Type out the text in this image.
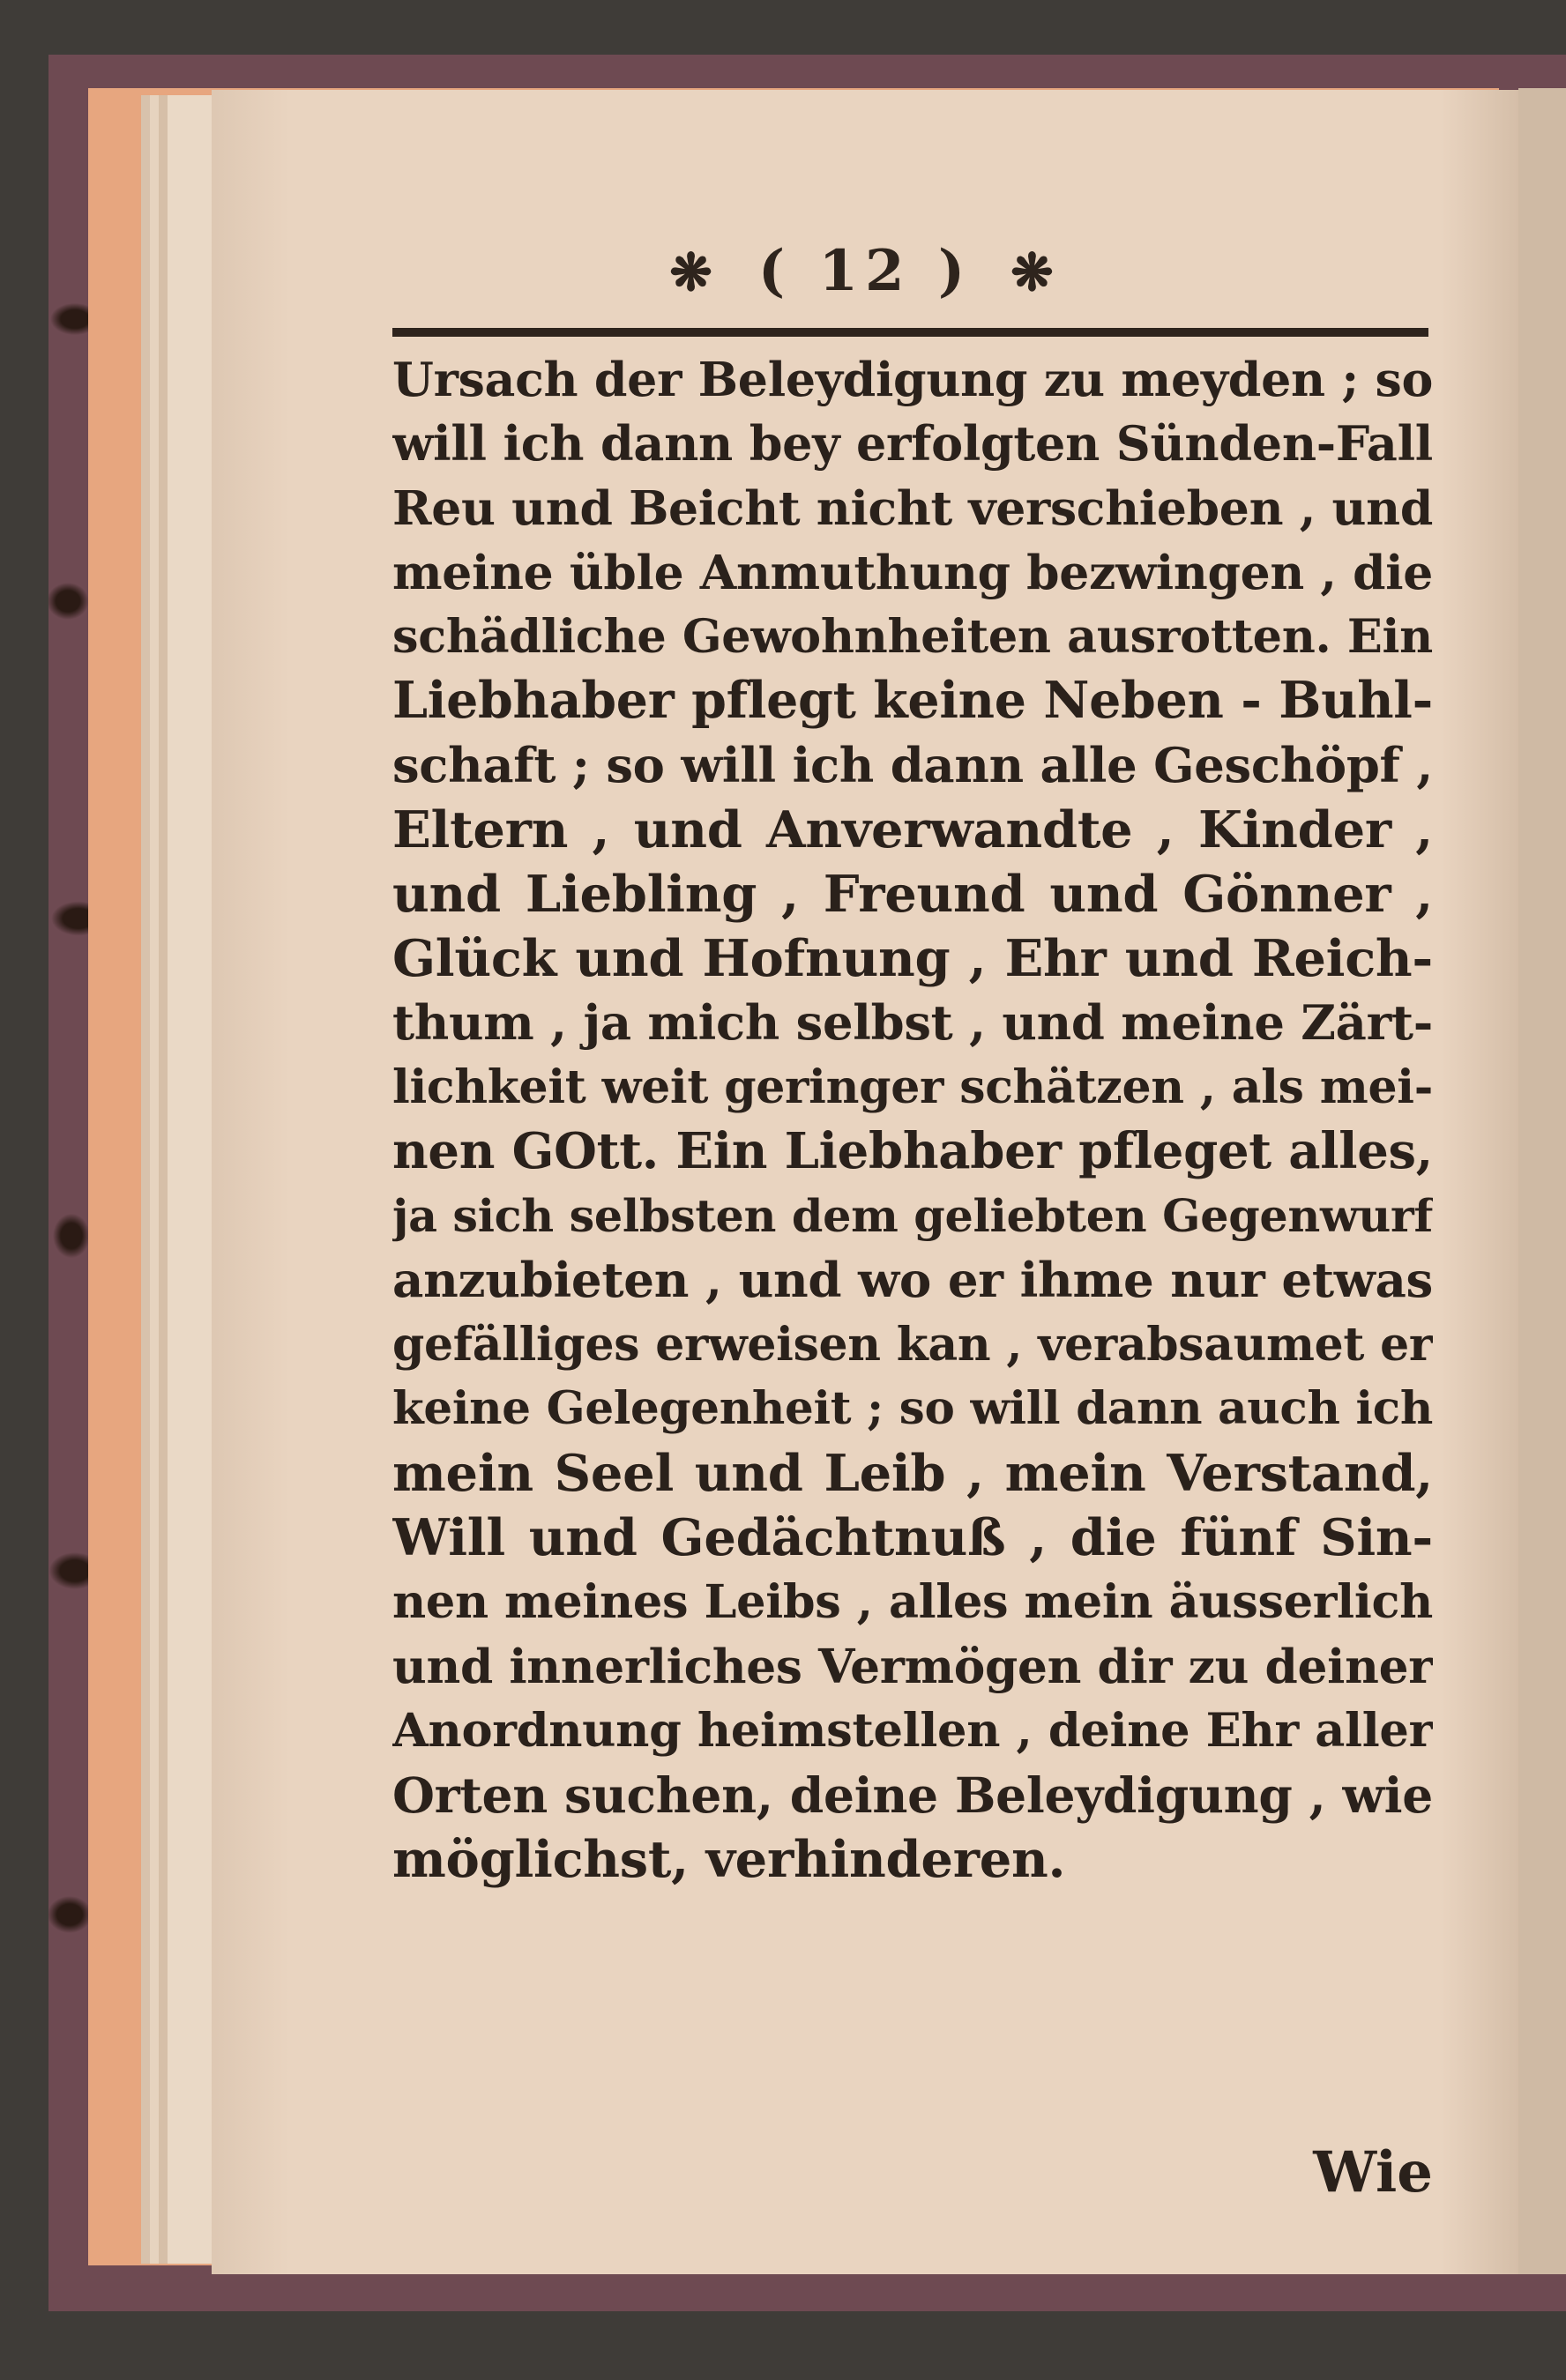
❋ ( 12 ) ❋
Ursach der Beleydigung zu meyden ; so
will ich dann bey erfolgten Sünden-Fall
Reu und Beicht nicht verschieben , und
meine üble Anmuthung bezwingen , die
schädliche Gewohnheiten ausrotten. Ein
Liebhaber pflegt keine Neben - Buhl-
schaft ; so will ich dann alle Geschöpf ,
Eltern , und Anverwandte , Kinder ,
und Liebling , Freund und Gönner ,
Glück und Hofnung , Ehr und Reich-
thum , ja mich selbst , und meine Zärt-
lichkeit weit geringer schätzen , als mei-
nen GOtt. Ein Liebhaber pfleget alles,
ja sich selbsten dem geliebten Gegenwurf
anzubieten , und wo er ihme nur etwas
gefälliges erweisen kan , verabsaumet er
keine Gelegenheit ; so will dann auch ich
mein Seel und Leib , mein Verstand,
Will und Gedächtnuß , die fünf Sin-
nen meines Leibs , alles mein äusserlich
und innerliches Vermögen dir zu deiner
Anordnung heimstellen , deine Ehr aller
Orten suchen, deine Beleydigung , wie
möglichst, verhinderen.
Wie
